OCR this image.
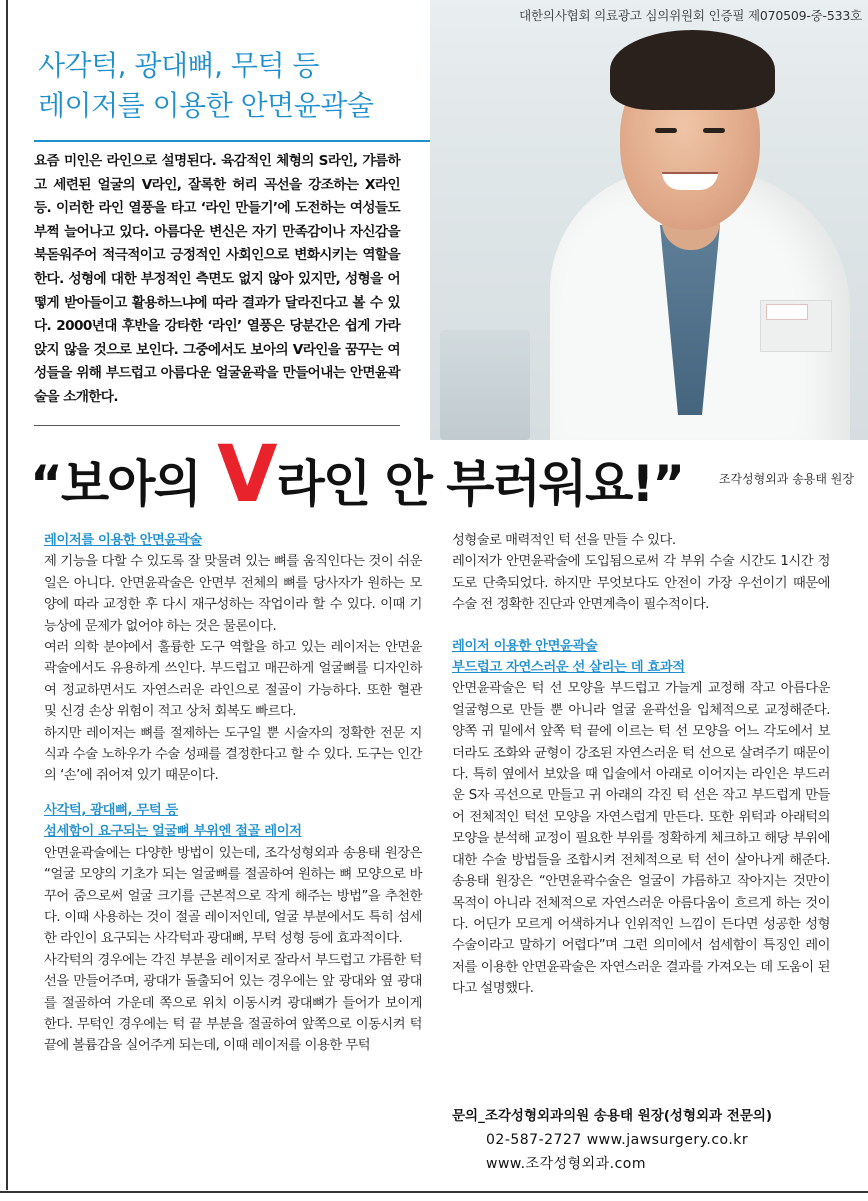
대한의사협회 의료광고 심의위원회 인증필 제070509-중-533호
사각턱, 광대뼈, 무턱 등
레이저를 이용한 안면윤곽술

요즘 미인은 라인으로 설명된다. 육감적인 체형의 S라인, 갸름하고 세련된 얼굴의 V라인, 잘록한 허리 곡선을 강조하는 X라인 등. 이러한 라인 열풍을 타고 ‘라인 만들기’에 도전하는 여성들도 부쩍 늘어나고 있다. 아름다운 변신은 자기 만족감이나 자신감을 북돋워주어 적극적이고 긍정적인 사회인으로 변화시키는 역할을 한다. 성형에 대한 부정적인 측면도 없지 않아 있지만, 성형을 어떻게 받아들이고 활용하느냐에 따라 결과가 달라진다고 볼 수 있다. 2000년대 후반을 강타한 ‘라인’ 열풍은 당분간은 쉽게 가라앉지 않을 것으로 보인다. 그중에서도 보아의 V라인을 꿈꾸는 여성들을 위해 부드럽고 아름다운 얼굴윤곽을 만들어내는 안면윤곽술을 소개한다.

“보아의 V라인 안 부러워요!”	조각성형외과 송용태 원장

레이저를 이용한 안면윤곽술

제 기능을 다할 수 있도록 잘 맞물려 있는 뼈를 움직인다는 것이 쉬운 일은 아니다. 안면윤곽술은 안면부 전체의 뼈를 당사자가 원하는 모양에 따라 교정한 후 다시 재구성하는 작업이라 할 수 있다. 이때 기능상에 문제가 없어야 하는 것은 물론이다.

여러 의학 분야에서 훌륭한 도구 역할을 하고 있는 레이저는 안면윤곽술에서도 유용하게 쓰인다. 부드럽고 매끈하게 얼굴뼈를 디자인하여 정교하면서도 자연스러운 라인으로 절골이 가능하다. 또한 혈관 및 신경 손상 위험이 적고 상처 회복도 빠르다.

하지만 레이저는 뼈를 절제하는 도구일 뿐 시술자의 정확한 전문 지식과 수술 노하우가 수술 성패를 결정한다고 할 수 있다. 도구는 인간의 ‘손’에 쥐어져 있기 때문이다.

사각턱, 광대뼈, 무턱 등

섬세함이 요구되는 얼굴뼈 부위엔 절골 레이저

안면윤곽술에는 다양한 방법이 있는데, 조각성형외과 송용태 원장은 “얼굴 모양의 기초가 되는 얼굴뼈를 절골하여 원하는 뼈 모양으로 바꾸어 줌으로써 얼굴 크기를 근본적으로 작게 해주는 방법”을 추천한다. 이때 사용하는 것이 절골 레이저인데, 얼굴 부분에서도 특히 섬세한 라인이 요구되는 사각턱과 광대뼈, 무턱 성형 등에 효과적이다.

사각턱의 경우에는 각진 부분을 레이저로 잘라서 부드럽고 갸름한 턱 선을 만들어주며, 광대가 돌출되어 있는 경우에는 앞 광대와 옆 광대를 절골하여 가운데 쪽으로 위치 이동시켜 광대뼈가 들어가 보이게 한다. 무턱인 경우에는 턱 끝 부분을 절골하여 앞쪽으로 이동시켜 턱 끝에 볼륨감을 실어주게 되는데, 이때 레이저를 이용한 무턱

성형술로 매력적인 턱 선을 만들 수 있다.

레이저가 안면윤곽술에 도입됨으로써 각 부위 수술 시간도 1시간 정도로 단축되었다. 하지만 무엇보다도 안전이 가장 우선이기 때문에 수술 전 정확한 진단과 안면계측이 필수적이다.

레이저 이용한 안면윤곽술

부드럽고 자연스러운 선 살리는 데 효과적

안면윤곽술은 턱 선 모양을 부드럽고 가늘게 교정해 작고 아름다운 얼굴형으로 만들 뿐 아니라 얼굴 윤곽선을 입체적으로 교정해준다. 양쪽 귀 밑에서 앞쪽 턱 끝에 이르는 턱 선 모양을 어느 각도에서 보더라도 조화와 균형이 강조된 자연스러운 턱 선으로 살려주기 때문이다. 특히 옆에서 보았을 때 입술에서 아래로 이어지는 라인은 부드러운 S자 곡선으로 만들고 귀 아래의 각진 턱 선은 작고 부드럽게 만들어 전체적인 턱선 모양을 자연스럽게 만든다. 또한 위턱과 아래턱의 모양을 분석해 교정이 필요한 부위를 정확하게 체크하고 해당 부위에 대한 수술 방법들을 조합시켜 전체적으로 턱 선이 살아나게 해준다. 송용태 원장은 “안면윤곽수술은 얼굴이 갸름하고 작아지는 것만이 목적이 아니라 전체적으로 자연스러운 아름다움이 흐르게 하는 것이다. 어딘가 모르게 어색하거나 인위적인 느낌이 든다면 성공한 성형수술이라고 말하기 어렵다”며 그런 의미에서 섬세함이 특징인 레이저를 이용한 안면윤곽술은 자연스러운 결과를 가져오는 데 도움이 된다고 설명했다.

문의_조각성형외과의원 송용태 원장(성형외과 전문의)
02-587-2727 www.jawsurgery.co.kr
www.조각성형외과.com
